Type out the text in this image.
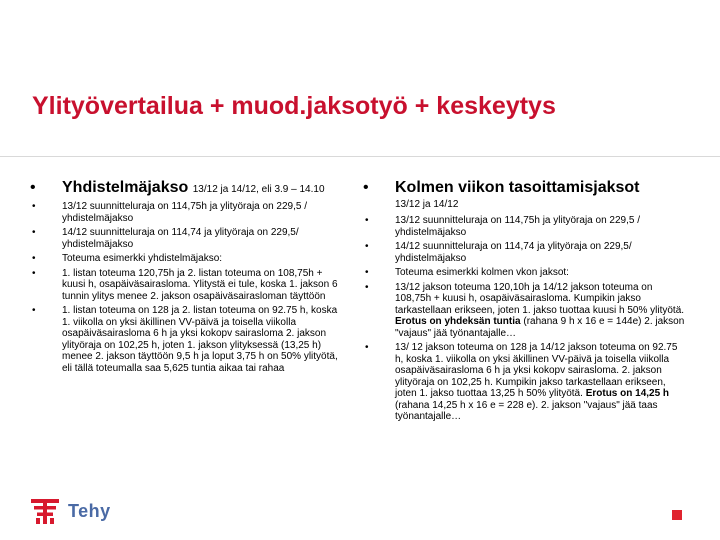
Ylityövertailua + muod.jaksotyö + keskeytys
• Yhdistelmäjakso 13/12 ja 14/12, eli 3.9 – 14.10
•	13/12 suunnitteluraja on 114,75h ja ylityöraja on 229,5 / yhdistelmäjakso
•	14/12 suunnitteluraja on 114,74 ja ylityöraja on 229,5/ yhdistelmäjakso
•	Toteuma esimerkki yhdistelmäjakso:
•	1. listan toteuma 120,75h ja 2. listan toteuma on 108,75h + kuusi h, osapäiväsairasloma. Ylitystä ei tule, koska 1. jakson 6 tunnin ylitys menee 2. jakson osapäiväsairasloman täyttöön
•	1. listan toteuma on 128 ja 2. listan toteuma on 92.75 h, koska 1. viikolla on yksi äkillinen VV-päivä ja toisella viikolla osapäiväsairasloma 6 h ja yksi kokopv sairasloma 2. jakson ylityöraja on 102,25 h, joten 1. jakson ylityksessä (13,25 h) menee 2. jakson täyttöön 9,5 h ja loput 3,75 h on 50% ylityötä, eli tällä toteumalla saa 5,625 tuntia aikaa tai rahaa
• Kolmen viikon tasoittamisjaksot
13/12 ja 14/12
•	13/12 suunnitteluraja on 114,75h ja ylityöraja on 229,5 / yhdistelmäjakso
•	14/12 suunnitteluraja on 114,74 ja ylityöraja on 229,5/ yhdistelmäjakso
•	Toteuma esimerkki kolmen vkon jaksot:
•	13/12 jakson toteuma 120,10h ja 14/12 jakson toteuma on 108,75h + kuusi h, osapäiväsairasloma. Kumpikin jakso tarkastellaan erikseen, joten 1. jakso tuottaa kuusi h 50% ylityötä. Erotus on yhdeksän tuntia (rahana 9 h x 16 e = 144e) 2. jakson "vajaus" jää työnantajalle…
•	13/ 12 jakson toteuma on 128 ja 14/12 jakson toteuma on 92.75 h, koska 1. viikolla on yksi äkillinen VV-päivä ja toisella viikolla osapäiväsairasloma 6 h ja yksi kokopv sairasloma. 2. jakson ylityöraja on 102,25 h. Kumpikin jakso tarkastellaan erikseen, joten 1. jakso tuottaa 13,25 h 50% ylityötä. Erotus on 14,25 h (rahana 14,25 h x 16 e = 228 e). 2. jakson "vajaus" jää taas työnantajalle…
Tehy
